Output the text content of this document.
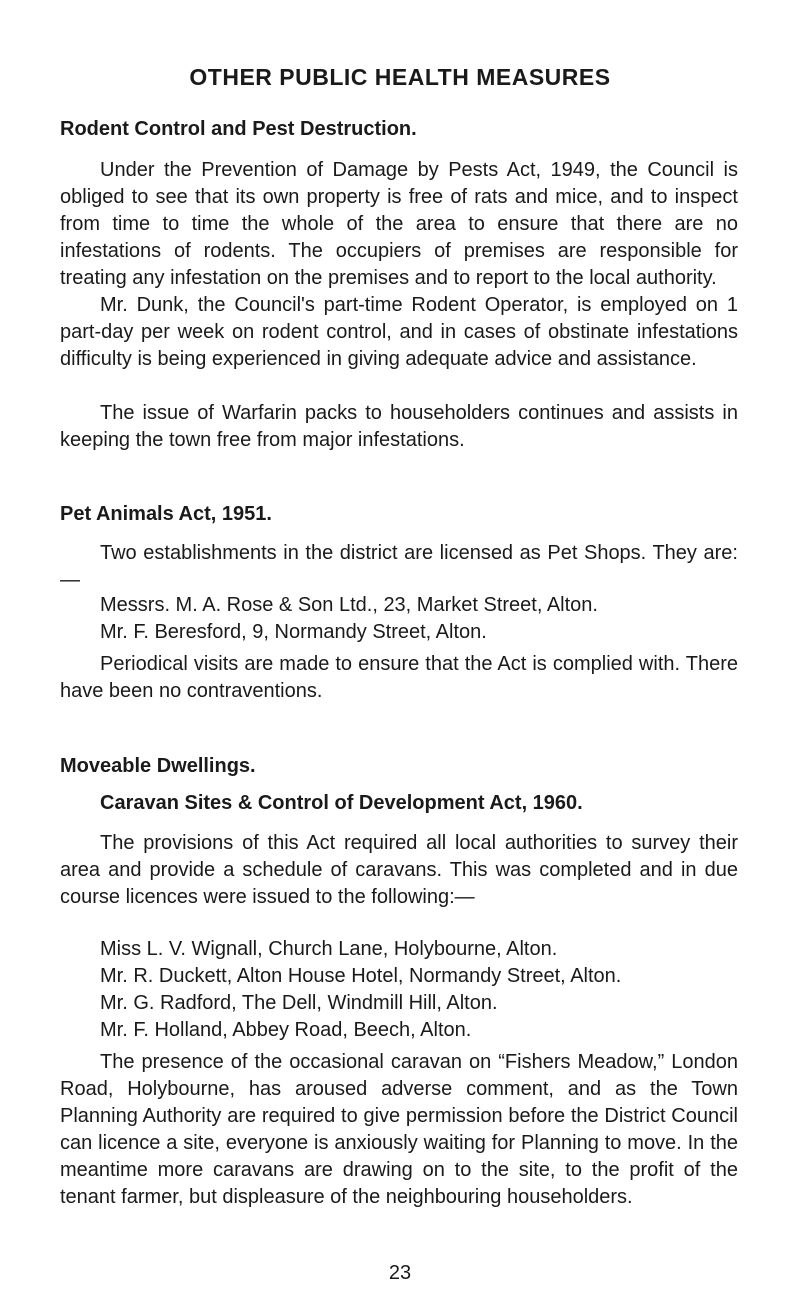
OTHER PUBLIC HEALTH MEASURES
Rodent Control and Pest Destruction.
Under the Prevention of Damage by Pests Act, 1949, the Council is obliged to see that its own property is free of rats and mice, and to inspect from time to time the whole of the area to ensure that there are no infestations of rodents. The occupiers of premises are responsible for treating any infestation on the premises and to report to the local authority.
Mr. Dunk, the Council's part-time Rodent Operator, is employed on 1 part-day per week on rodent control, and in cases of obstinate infestations difficulty is being experienced in giving adequate advice and assistance.
The issue of Warfarin packs to householders continues and assists in keeping the town free from major infestations.
Pet Animals Act, 1951.
Two establishments in the district are licensed as Pet Shops. They are:—
Messrs. M. A. Rose & Son Ltd., 23, Market Street, Alton.
Mr. F. Beresford, 9, Normandy Street, Alton.
Periodical visits are made to ensure that the Act is complied with. There have been no contraventions.
Moveable Dwellings.
Caravan Sites & Control of Development Act, 1960.
The provisions of this Act required all local authorities to survey their area and provide a schedule of caravans. This was completed and in due course licences were issued to the following:—
Miss L. V. Wignall, Church Lane, Holybourne, Alton.
Mr. R. Duckett, Alton House Hotel, Normandy Street, Alton.
Mr. G. Radford, The Dell, Windmill Hill, Alton.
Mr. F. Holland, Abbey Road, Beech, Alton.
The presence of the occasional caravan on “Fishers Meadow,” London Road, Holybourne, has aroused adverse comment, and as the Town Planning Authority are required to give permission before the District Council can licence a site, everyone is anxiously waiting for Planning to move. In the meantime more caravans are drawing on to the site, to the profit of the tenant farmer, but displeasure of the neighbouring householders.
23
